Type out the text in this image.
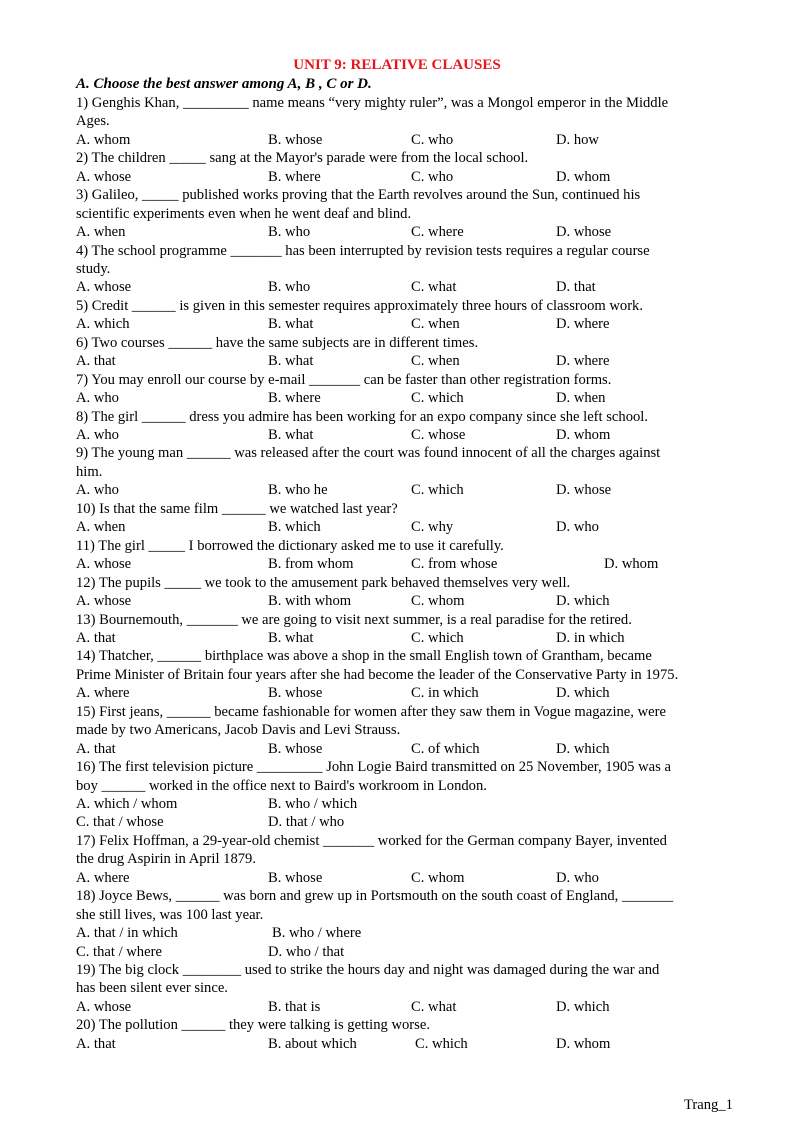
UNIT 9: RELATIVE CLAUSES
A. Choose the best answer among A, B , C or D.
1) Genghis Khan, _________ name means “very mighty ruler”, was a Mongol emperor in the Middle
Ages.
A. whom	B. whose	C. who	D. how
2) The children _____ sang at the Mayor's parade were from the local school.
A. whose	B. where	C. who	D. whom
3) Galileo, _____ published works proving that the Earth revolves around the Sun, continued his
scientific experiments even when he went deaf and blind.
A. when	B. who	C. where	D. whose
4) The school programme _______ has been interrupted by revision tests requires a regular course
study.
A. whose	B. who	C. what	D. that
5) Credit ______ is given in this semester requires approximately three hours of classroom work.
A. which	B. what	C. when	D. where
6) Two courses ______ have the same subjects are in different times.
A. that	B. what	C. when	D. where
7) You may enroll our course by e-mail _______ can be faster than other registration forms.
A. who	B. where	C. which	D. when
8) The girl ______ dress you admire has been working for an expo company since she left school.
A. who	B. what	C. whose	D. whom
9) The young man ______ was released after the court was found innocent of all the charges against
him.
A. who	B. who he	C. which	D. whose
10) Is that the same film ______ we watched last year?
A. when	B. which	C. why	D. who
11) The girl _____ I borrowed the dictionary asked me to use it carefully.
A. whose	B. from whom	C. from whose	D. whom
12) The pupils _____ we took to the amusement park behaved themselves very well.
A. whose	B. with whom	C. whom	D. which
13) Bournemouth, _______ we are going to visit next summer, is a real paradise for the retired.
A. that	B. what	C. which	D. in which
14) Thatcher, ______ birthplace was above a shop in the small English town of Grantham, became
Prime Minister of Britain four years after she had become the leader of the Conservative Party in 1975.
A. where	B. whose	C. in which	D. which
15) First jeans, ______ became fashionable for women after they saw them in Vogue magazine, were
made by two Americans, Jacob Davis and Levi Strauss.
A. that	B. whose	C. of which	D. which
16) The first television picture _________ John Logie Baird transmitted on 25 November, 1905 was a
boy ______ worked in the office next to Baird's workroom in London.
A. which / whom	B. who / which
C. that / whose	D. that / who
17) Felix Hoffman, a 29-year-old chemist _______ worked for the German company Bayer, invented
the drug Aspirin in April 1879.
A. where	B. whose	C. whom	D. who
18) Joyce Bews, ______ was born and grew up in Portsmouth on the south coast of England, _______
she still lives, was 100 last year.
A. that / in which	B. who / where
C. that / where	D. who / that
19) The big clock ________ used to strike the hours day and night was damaged during the war and
has been silent ever since.
A. whose	B. that is	C. what	D. which
20) The pollution ______ they were talking is getting worse.
A. that	B. about which	C. which	D. whom
Trang_1
